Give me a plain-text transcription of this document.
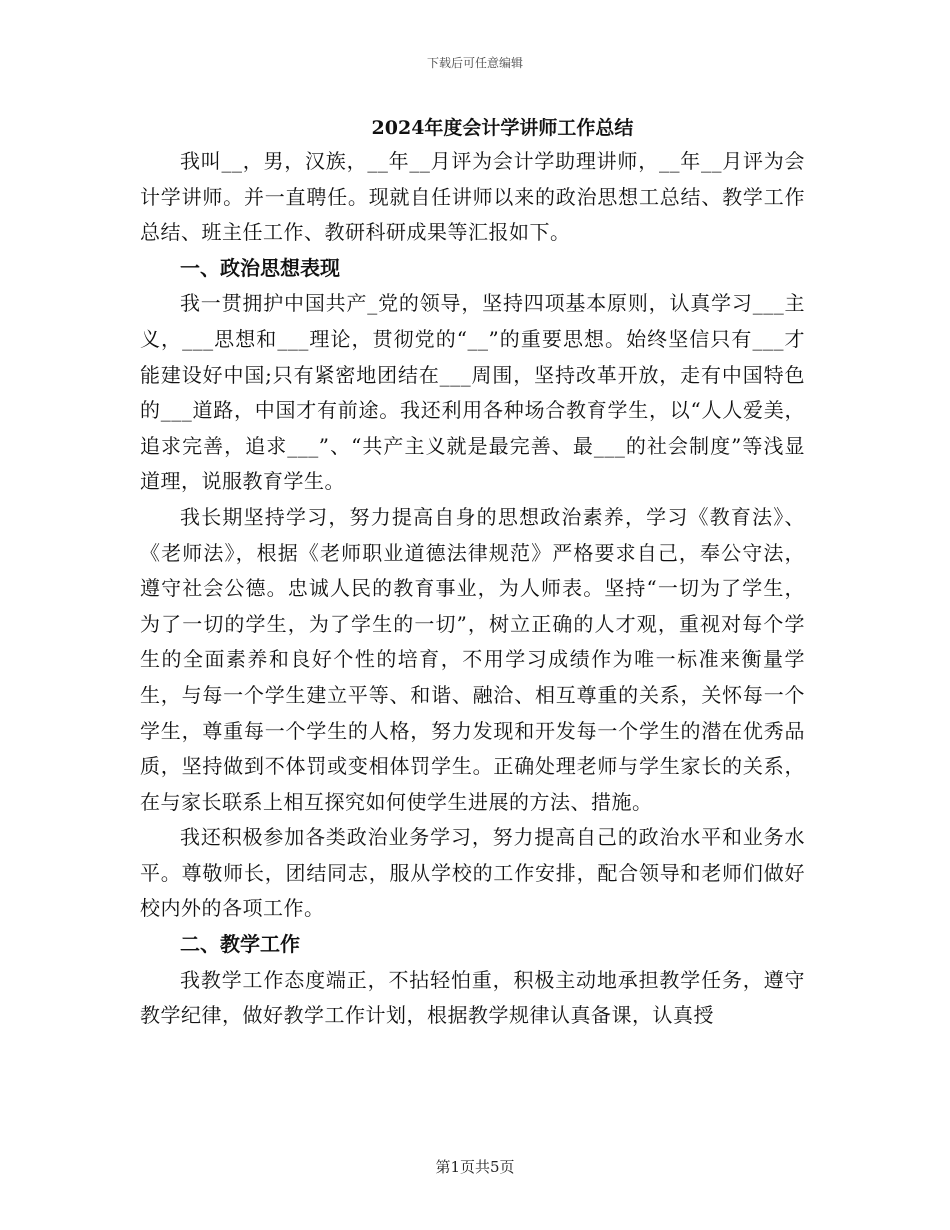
下载后可任意编辑
2024年度会计学讲师工作总结

我叫__，男，汉族，__年__月评为会计学助理讲师，__年__月评为会计学讲师。并一直聘任。现就自任讲师以来的政治思想工总结、教学工作总结、班主任工作、教研科研成果等汇报如下。

一、政治思想表现

我一贯拥护中国共产_党的领导，坚持四项基本原则，认真学习___主义，___思想和___理论，贯彻党的“__”的重要思想。始终坚信只有___才能建设好中国;只有紧密地团结在___周围，坚持改革开放，走有中国特色的___道路，中国才有前途。我还利用各种场合教育学生，以“人人爱美，追求完善，追求___”、“共产主义就是最完善、最___的社会制度”等浅显道理，说服教育学生。

我长期坚持学习，努力提高自身的思想政治素养，学习《教育法》、《老师法》，根据《老师职业道德法律规范》严格要求自己，奉公守法，遵守社会公德。忠诚人民的教育事业，为人师表。坚持“一切为了学生，为了一切的学生，为了学生的一切”，树立正确的人才观，重视对每个学生的全面素养和良好个性的培育，不用学习成绩作为唯一标准来衡量学生，与每一个学生建立平等、和谐、融洽、相互尊重的关系，关怀每一个学生，尊重每一个学生的人格，努力发现和开发每一个学生的潜在优秀品质，坚持做到不体罚或变相体罚学生。正确处理老师与学生家长的关系，在与家长联系上相互探究如何使学生进展的方法、措施。

我还积极参加各类政治业务学习，努力提高自己的政治水平和业务水平。尊敬师长，团结同志，服从学校的工作安排，配合领导和老师们做好校内外的各项工作。

二、教学工作

我教学工作态度端正，不拈轻怕重，积极主动地承担教学任务，遵守教学纪律，做好教学工作计划，根据教学规律认真备课，认真授

第1页共5页
